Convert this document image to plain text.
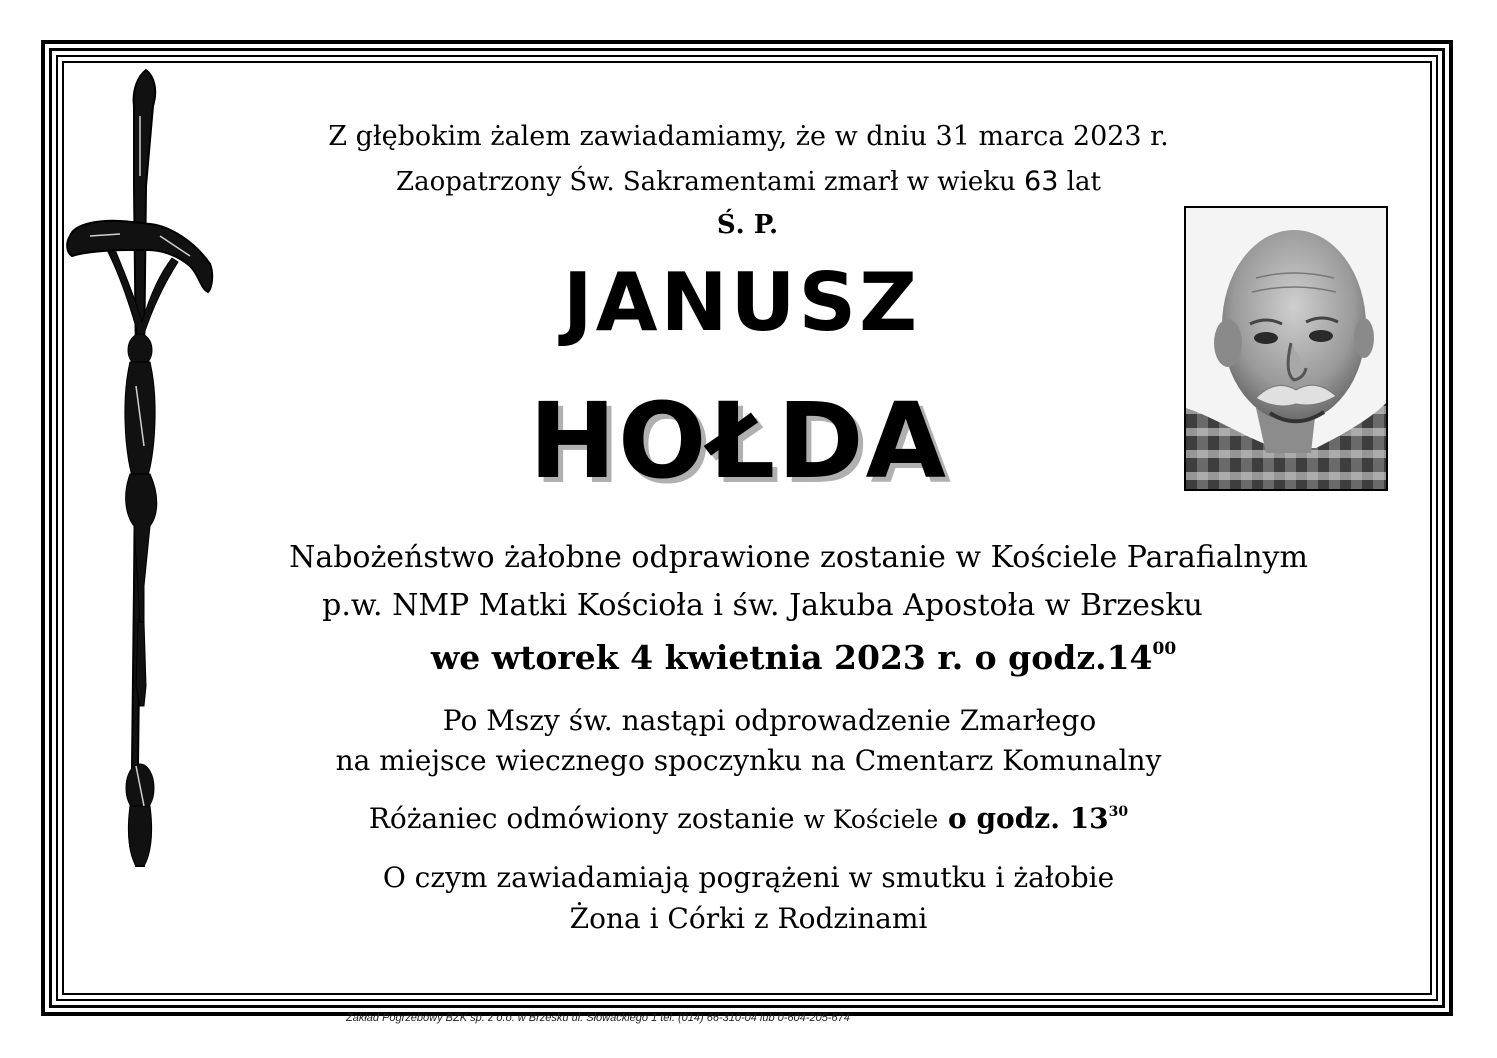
Z głębokim żalem zawiadamiamy, że w dniu 31 marca 2023 r.
Zaopatrzony Św. Sakramentami zmarł w wieku 63 lat
Ś. P.
JANUSZ
HOŁDA
Nabożeństwo żałobne odprawione zostanie w Kościele Parafialnym
p.w. NMP Matki Kościoła i św. Jakuba Apostoła w Brzesku
we wtorek 4 kwietnia 2023 r. o $godz.14^{00}$
Po Mszy św. nastąpi odprowadzenie Zmarłego
na miejsce wiecznego spoczynku na Cmentarz Komunalny
Różaniec odmówiony zostanie w Kościele o godz. $13^{30}$
O czym zawiadamiają pogrążeni w smutku i żałobie
Żona i Córki z Rodzinami
Zakład Pogrzebowy BZK sp. z o.o. w Brzesku ul. Słowackiego 1 tel. (014) 66-310-04 lub 0-604-205-674
